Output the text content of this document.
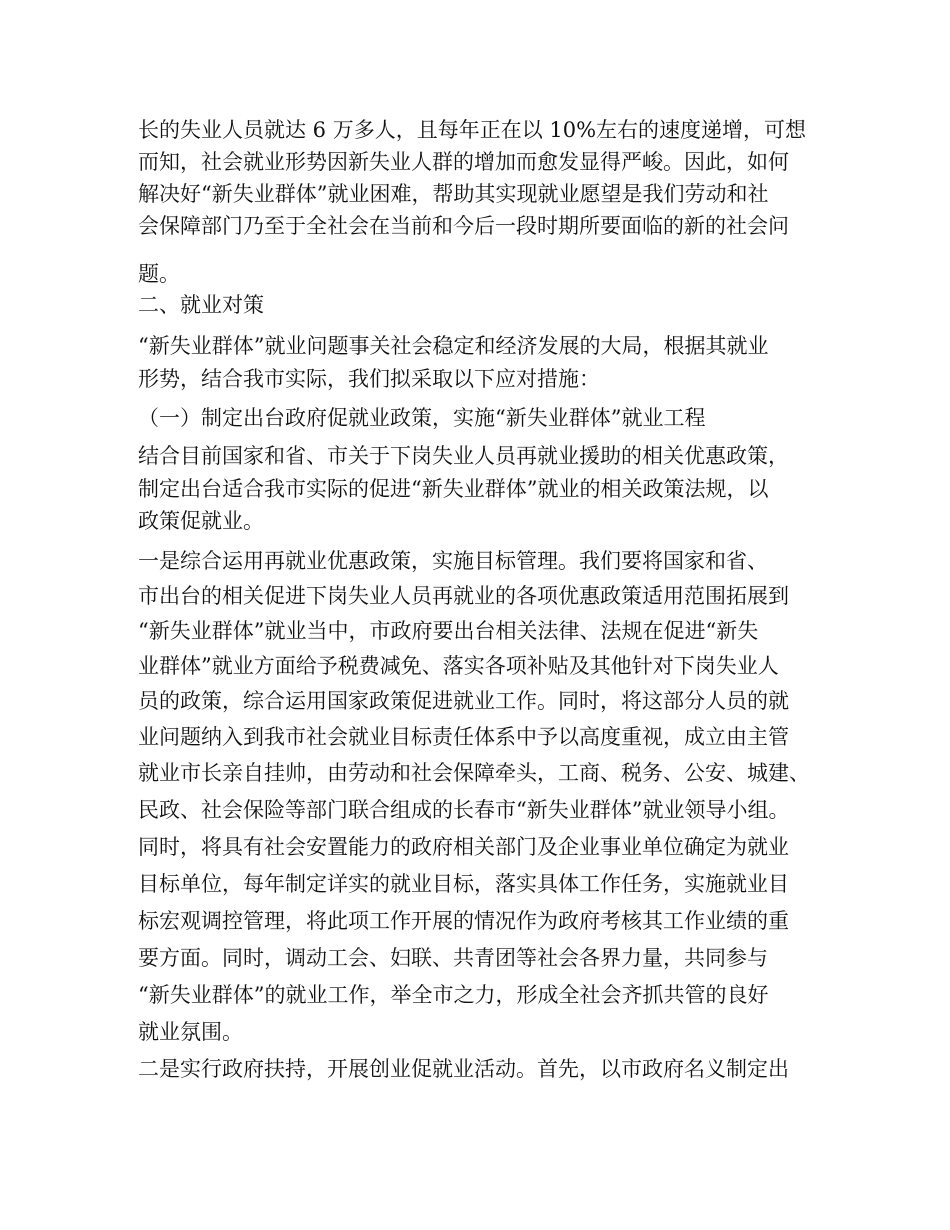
长的失业人员就达 6 万多人，且每年正在以 10%左右的速度递增，可想
而知，社会就业形势因新失业人群的增加而愈发显得严峻。因此，如何
解决好“新失业群体”就业困难，帮助其实现就业愿望是我们劳动和社
会保障部门乃至于全社会在当前和今后一段时期所要面临的新的社会问
题。
二、就业对策
“新失业群体”就业问题事关社会稳定和经济发展的大局，根据其就业
形势，结合我市实际，我们拟采取以下应对措施：
（一）制定出台政府促就业政策，实施“新失业群体”就业工程
结合目前国家和省、市关于下岗失业人员再就业援助的相关优惠政策，
制定出台适合我市实际的促进“新失业群体”就业的相关政策法规，以
政策促就业。
一是综合运用再就业优惠政策，实施目标管理。我们要将国家和省、
市出台的相关促进下岗失业人员再就业的各项优惠政策适用范围拓展到
“新失业群体”就业当中，市政府要出台相关法律、法规在促进“新失
业群体”就业方面给予税费减免、落实各项补贴及其他针对下岗失业人
员的政策，综合运用国家政策促进就业工作。同时，将这部分人员的就
业问题纳入到我市社会就业目标责任体系中予以高度重视，成立由主管
就业市长亲自挂帅，由劳动和社会保障牵头，工商、税务、公安、城建、
民政、社会保险等部门联合组成的长春市“新失业群体”就业领导小组。
同时，将具有社会安置能力的政府相关部门及企业事业单位确定为就业
目标单位，每年制定详实的就业目标，落实具体工作任务，实施就业目
标宏观调控管理，将此项工作开展的情况作为政府考核其工作业绩的重
要方面。同时，调动工会、妇联、共青团等社会各界力量，共同参与
“新失业群体”的就业工作，举全市之力，形成全社会齐抓共管的良好
就业氛围。
二是实行政府扶持，开展创业促就业活动。首先，以市政府名义制定出
